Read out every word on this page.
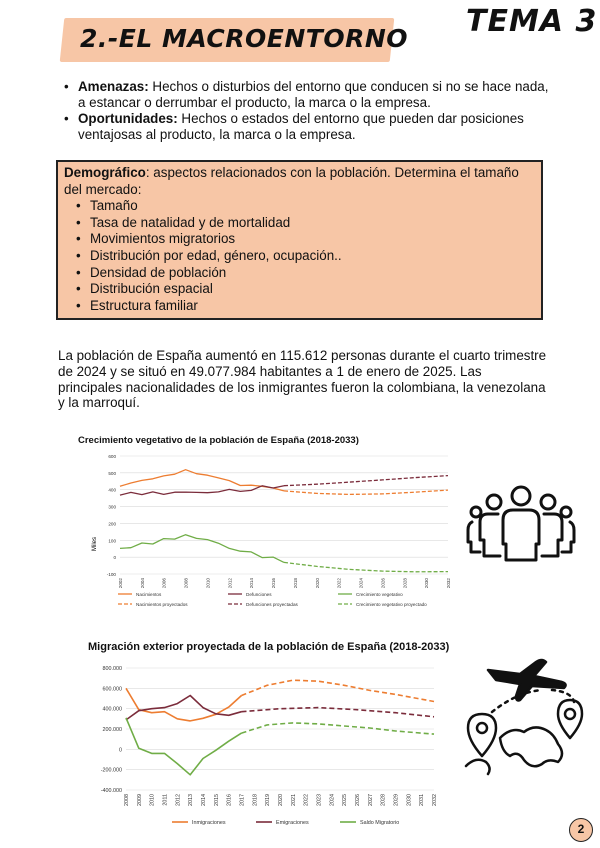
2.-EL MACROENTORNO TEMA 3
• Amenazas: Hechos o disturbios del entorno que conducen si no se hace nada, a estancar o derrumbar el producto, la marca o la empresa.
• Oportunidades: Hechos o estados del entorno que pueden dar posiciones ventajosas al producto, la marca o la empresa.
Demográfico: aspectos relacionados con la población. Determina el tamaño del mercado:
• Tamaño
• Tasa de natalidad y de mortalidad
• Movimientos migratorios
• Distribución por edad, género, ocupación..
• Densidad de población
• Distribución espacial
• Estructura familiar

La población de España aumentó en 115.612 personas durante el cuarto trimestre de 2024 y se situó en 49.077.984 habitantes a 1 de enero de 2025. Las principales nacionalidades de los inmigrantes fueron la colombiana, la venezolana y la marroquí.

Crecimiento vegetativo de la población de España (2018-2033)
-100
0
100
200
300
400
500
600
2002	2004	2006	2008	2010	2012	2014	2016	2018	2020	2022	2024	2026	2028	2030	2032
Miles
Nacimientos	Defunciones	Crecimiento vegetativo
Nacimientos proyectados	Defunciones proyectadas	Crecimiento vegetativo proyectado
Migración exterior proyectada de la población de España (2018-2033)
-400.000
-200.000
0
200.000
400.000
600.000
800.000
2008 2009 2010 2011 2012 2013 2014 2015 2016 2017 2018 2019 2020 2021 2022 2023 2024 2025 2026 2027 2028 2029 2030 2031 2032
Inmigraciones	Emigraciones	Saldo Migratorio	2
